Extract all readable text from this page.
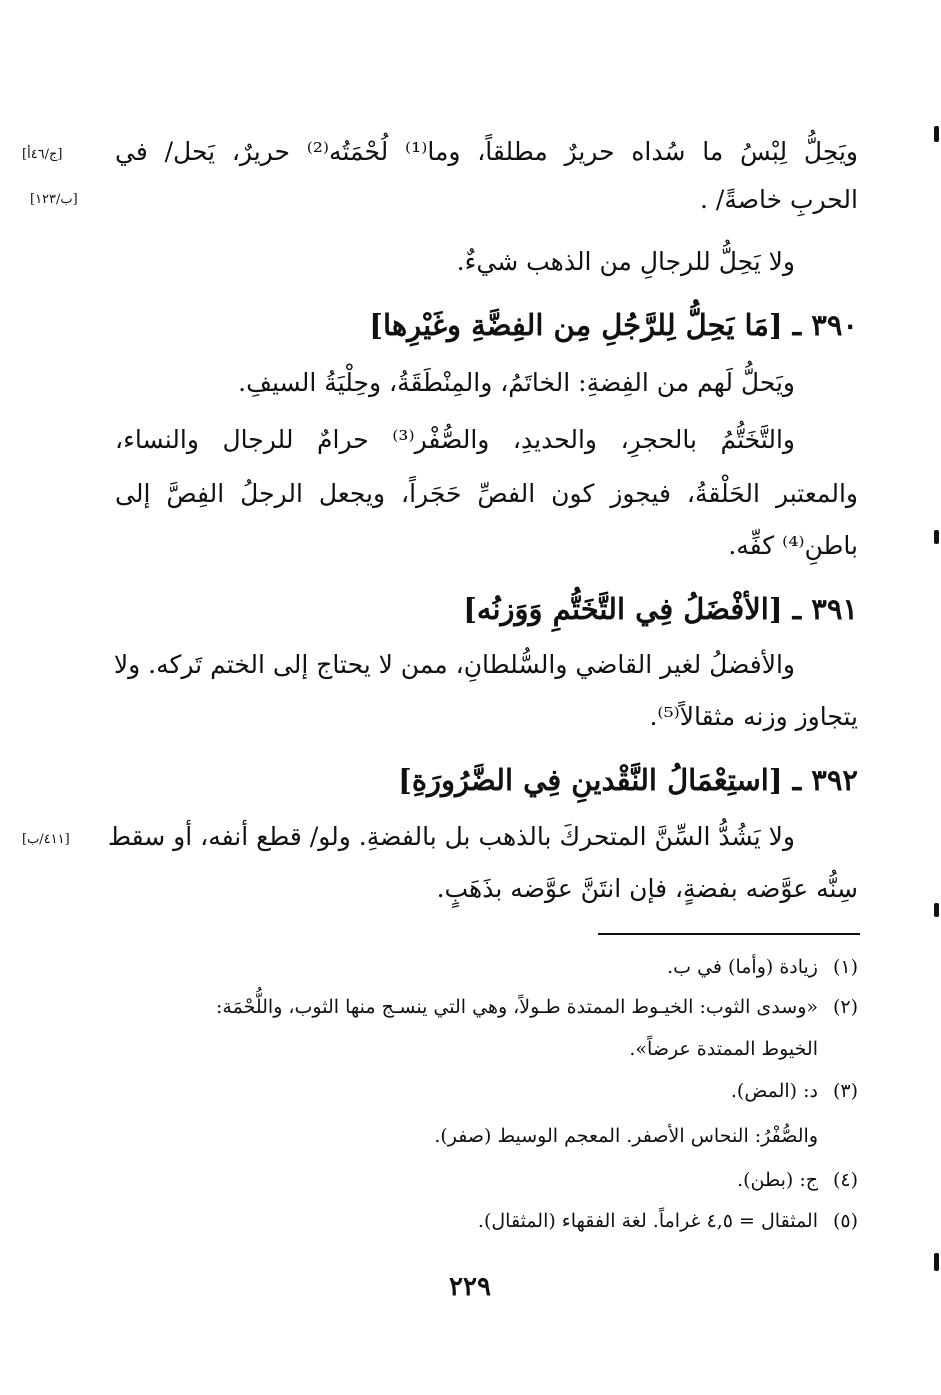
ويَحِلُّ لِبْسُ ما سُداه حريرٌ مطلقاً، وما⁽¹⁾ لُحْمَتُه⁽²⁾ حريرٌ، يَحل/ في
الحربِ خاصةً/ .
[ج/٤٦أ]
[ب/١٢٣]
ولا يَحِلُّ للرجالِ من الذهب شيءٌ.
٣٩٠ ـ [مَا يَحِلُّ لِلرَّجُلِ مِن الفِضَّةِ وغَيْرِها]
ويَحلُّ لَهم من الفِضةِ: الخاتَمُ، والمِنْطَقَةُ، وحِلْيَةُ السيفِ.
والتَّخَتُّمُ بالحجرِ، والحديدِ، والصُّفْر⁽³⁾ حرامٌ للرجال والنساء،
والمعتبر الحَلْقةُ، فيجوز كون الفصِّ حَجَراً، ويجعل الرجلُ الفِصَّ إلى
باطنِ⁽⁴⁾ كفِّه.
٣٩١ ـ [الأفْضَلُ فِي التَّخَتُّمِ وَوَزنُه]
والأفضلُ لغير القاضي والسُّلطانِ، ممن لا يحتاج إلى الختم تَركه. ولا
يتجاوز وزنه مثقالاً⁽⁵⁾.
٣٩٢ ـ [استِعْمَالُ النَّقْدينِ فِي الضَّرُورَةِ]
ولا يَشُدُّ السِّنَّ المتحركَ بالذهب بل بالفضةِ. ولو/ قطع أنفه، أو سقط
[٤١١/ب]
سِنُّه عوَّضه بفضةٍ، فإن انتَنَّ عوَّضه بذَهَبٍ.
(١)زيادة (وأما) في ب.
(٢)«وسدى الثوب: الخيـوط الممتدة طـولاً، وهي التي ينسـج منها الثوب، واللُّحْمَة:
الخيوط الممتدة عرضاً».
(٣)د: (المض).
والصُّفْرُ: النحاس الأصفر. المعجم الوسيط (صفر).
(٤)ج: (بطن).
(٥)المثقال = ٤,٥ غراماً. لغة الفقهاء (المثقال).
٢٢٩
